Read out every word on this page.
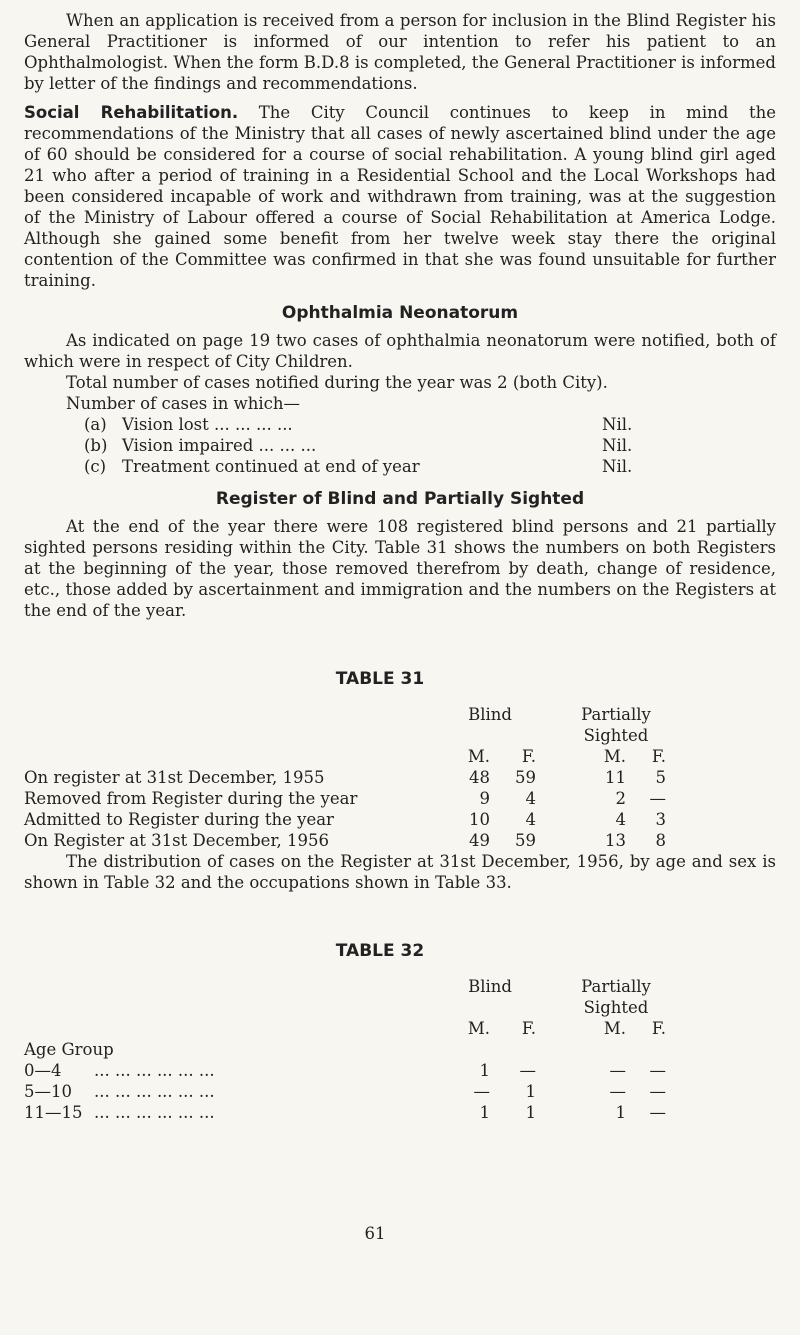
When an application is received from a person for inclusion in the Blind Register his General Practitioner is informed of our intention to refer his patient to an Ophthalmologist. When the form B.D.8 is completed, the General Practitioner is informed by letter of the findings and recommendations.

Social Rehabilitation. The City Council continues to keep in mind the recommendations of the Ministry that all cases of newly ascertained blind under the age of 60 should be considered for a course of social rehabilitation. A young blind girl aged 21 who after a period of training in a Residential School and the Local Workshops had been considered incapable of work and withdrawn from training, was at the suggestion of the Ministry of Labour offered a course of Social Rehabilitation at America Lodge. Although she gained some benefit from her twelve week stay there the original contention of the Committee was confirmed in that she was found unsuitable for further training.

Ophthalmia Neonatorum

As indicated on page 19 two cases of ophthalmia neonatorum were notified, both of which were in respect of City Children.

Total number of cases notified during the year was 2 (both City).

Number of cases in which—
(a) Vision lost ... ... ... ...	Nil.
(b) Vision impaired ... ... ...	Nil.
(c) Treatment continued at end of year	Nil.
Register of Blind and Partially Sighted

At the end of the year there were 108 registered blind persons and 21 partially sighted persons residing within the City. Table 31 shows the numbers on both Registers at the beginning of the year, those removed therefrom by death, change of residence, etc., those added by ascertainment and immigration and the numbers on the Registers at the end of the year.

TABLE 31
	Blind			Partially	
				Sighted	
	M.	F.		M.	F.
On register at 31st December, 1955	48	59		11	5
Removed from Register during the year	9	4		2	—
Admitted to Register during the year	10	4		4	3
On Register at 31st December, 1956	49	59		13	8

The distribution of cases on the Register at 31st December, 1956, by age and sex is shown in Table 32 and the occupations shown in Table 33.

TABLE 32
	Blind			Partially	
				Sighted	
	M.	F.		M.	F.
Age Group					
0—4 ... ... ... ... ... ...	1	—		—	—
5—10 ... ... ... ... ... ...	—	1		—	—
11—15 ... ... ... ... ... ...	1	1		1	—
61
